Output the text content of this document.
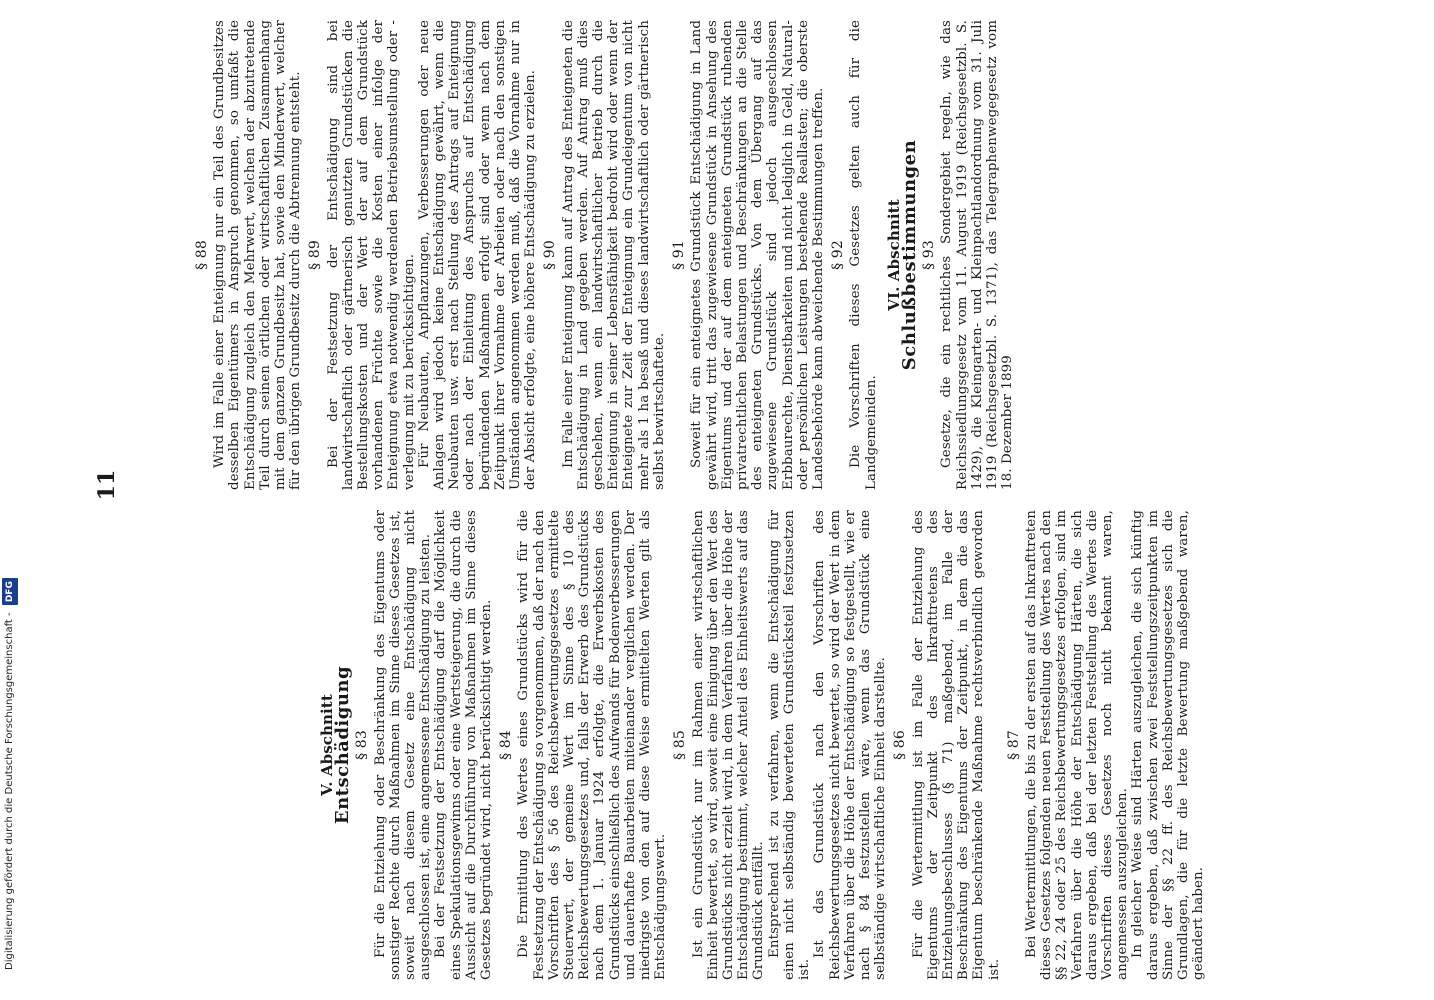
Digitalisierung gefördert durch die Deutsche Forschungsgemeinschaft - DFG
11

V. Abschnitt

Entschädigung § 83 Für die Entziehung oder Beschränkung des Eigentums oder sonstiger Rechte durch Maßnahmen im Sinne dieses Gesetzes ist, soweit nach diesem Gesetz eine Entschädigung nicht ausgeschlossen ist, eine angemessene Entschädigung zu leisten. Bei der Festsetzung der Entschädigung darf die Möglichkeit eines Spekulationsgewinns oder eine Wertsteigerung, die durch die Aussicht auf die Durchführung von Maßnahmen im Sinne dieses Gesetzes begründet wird, nicht berücksichtigt werden. § 84 Die Ermittlung des Wertes eines Grundstücks wird für die Festsetzung der Entschädigung so vorgenommen, daß der nach den Vorschriften des § 56 des Reichsbewertungsgesetzes ermittelte Steuerwert, der gemeine Wert im Sinne des § 10 des Reichsbewertungsgesetzes und, falls der Erwerb des Grundstücks nach dem 1. Januar 1924 erfolgte, die Erwerbskosten des Grundstücks einschließlich des Aufwands für Bodenverbesserungen und dauerhafte Bauarbeiten miteinander verglichen werden. Der niedrigste von den auf diese Weise ermittelten Werten gilt als Entschädigungswert.

§ 85 Ist ein Grundstück nur im Rahmen einer wirtschaftlichen Einheit bewertet, so wird, soweit eine Einigung über den Wert des Grundstücks nicht erzielt wird, in dem Verfahren über die Höhe der Entschädigung bestimmt, welcher Anteil des Einheitswerts auf das Grundstück entfällt. Entsprechend ist zu verfahren, wenn die Entschädigung für einen nicht selbständig bewerteten Grundstücksteil festzusetzen ist.

Ist das Grundstück nach den Vorschriften des Reichsbewertungsgesetzes nicht bewertet, so wird der Wert in dem Verfahren über die Höhe der Entschädigung so festgestellt, wie er nach § 84 festzustellen wäre, wenn das Grundstück eine selbständige wirtschaftliche Einheit darstellte. § 86 Für die Wertermittlung ist im Falle der Entziehung des Eigentums der Zeitpunkt des Inkrafttretens des Entziehungsbeschlusses (§ 71) maßgebend, im Falle der Beschränkung des Eigentums der Zeitpunkt, in dem die das Eigentum beschränkende Maßnahme rechtsverbindlich geworden ist.

§ 87 Bei Wertermittlungen, die bis zu der ersten auf das Inkrafttreten dieses Gesetzes folgenden neuen Feststellung des Wertes nach den §§ 22, 24 oder 25 des Reichsbewertungsgesetzes erfolgen, sind im Verfahren über die Höhe der Entschädigung Härten, die sich daraus ergeben, daß bei der letzten Feststellung des Wertes die Vorschriften dieses Gesetzes noch nicht bekannt waren, angemessen auszugleichen. In gleicher Weise sind Härten auszugleichen, die sich künftig daraus ergeben, daß zwischen zwei Feststellungszeitpunkten im Sinne der §§ 22 ff. des Reichsbewertungsgesetzes sich die Grundlagen, die für die letzte Bewertung maßgebend waren, geändert haben.

§ 88 Wird im Falle einer Enteignung nur ein Teil des Grundbesitzes desselben Eigentümers in Anspruch genommen, so umfaßt die Entschädigung zugleich den Mehrwert, welchen der abzutretende Teil durch seinen örtlichen oder wirtschaftlichen Zusammenhang mit dem ganzen Grundbesitz hat, sowie den Minderwert, welcher für den übrigen Grundbesitz durch die Abtrennung entsteht. § 89 Bei der Festsetzung der Entschädigung sind bei landwirtschaftlich oder gärtnerisch genutzten Grundstücken die Bestellungskosten und der Wert der auf dem Grundstück vorhandenen Früchte sowie die Kosten einer infolge der Enteignung etwa notwendig werdenden Betriebsumstellung oder -verlegung mit zu berücksichtigen. Für Neubauten, Anpflanzungen, Verbesserungen oder neue Anlagen wird jedoch keine Entschädigung gewährt, wenn die Neubauten usw. erst nach Stellung des Antrags auf Enteignung oder nach der Einleitung des Anspruchs auf Entschädigung begründenden Maßnahmen erfolgt sind oder wenn nach dem Zeitpunkt ihrer Vornahme der Arbeiten oder nach den sonstigen Umständen angenommen werden muß, daß die Vornahme nur in der Absicht erfolgte, eine höhere Entschädigung zu erzielen. § 90 Im Falle einer Enteignung kann auf Antrag des Enteigneten die Entschädigung in Land gegeben werden. Auf Antrag muß dies geschehen, wenn ein landwirtschaftlicher Betrieb durch die Enteignung in seiner Lebensfähigkeit bedroht wird oder wenn der Enteignete zur Zeit der Enteignung ein Grundeigentum von nicht mehr als 1 ha besaß und dieses landwirtschaftlich oder gärtnerisch selbst bewirtschaftete.

§ 91 Soweit für ein enteignetes Grundstück Entschädigung in Land gewährt wird, tritt das zugewiesene Grundstück in Ansehung des Eigentums und der auf dem enteigneten Grundstück ruhenden privatrechtlichen Belastungen und Beschränkungen an die Stelle des enteigneten Grundstücks. Von dem Übergang auf das zugewiesene Grundstück sind jedoch ausgeschlossen Erbbaurechte, Dienstbarkeiten und nicht lediglich in Geld, Natural- oder persönlichen Leistungen bestehende Reallasten; die oberste Landesbehörde kann abweichende Bestimmungen treffen. § 92 Die Vorschriften dieses Gesetzes gelten auch für die Landgemeinden.

VI. Abschnitt

Schlußbestimmungen § 93 Gesetze, die ein rechtliches Sondergebiet regeln, wie das Reichssiedlungsgesetz vom 11. August 1919 (Reichsgesetzbl. S. 1429), die Kleingarten- und Kleinpachtlandordnung vom 31. Juli 1919 (Reichsgesetzbl. S. 1371), das Telegraphenwegegesetz vom 18. Dezember 1899
